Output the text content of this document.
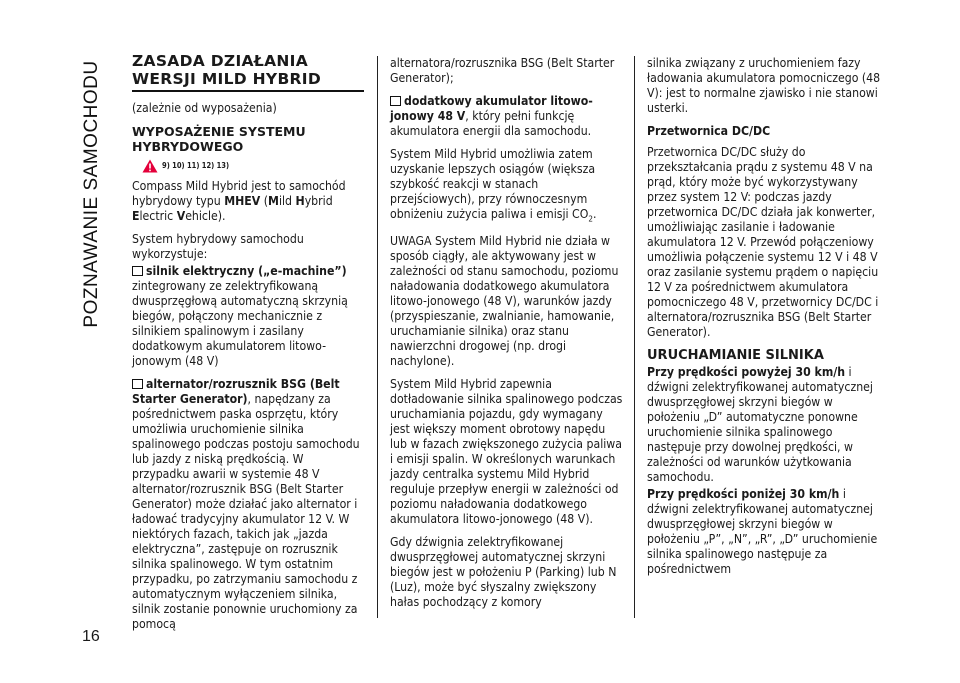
POZNAWANIE SAMOCHODU ZASADA DZIAŁANIA
WERSJI MILD HYBRID

(zależnie od wyposażenia)

WYPOSAŻENIE SYSTEMU
HYBRYDOWEGO
9) 10) 11) 12) 13)

Compass Mild Hybrid jest to samochód hybrydowy typu MHEV (Mild Hybrid Electric Vehicle).

System hybrydowy samochodu wykorzystuje:

silnik elektryczny („e-machine”)
zintegrowany ze zelektryfikowaną dwusprzęgłową automatyczną skrzynią biegów, połączony mechanicznie z silnikiem spalinowym i zasilany dodatkowym akumulatorem litowo-jonowym (48 V)

alternator/rozrusznik BSG (Belt Starter Generator), napędzany za pośrednictwem paska osprzętu, który umożliwia uruchomienie silnika spalinowego podczas postoju samochodu lub jazdy z niską prędkością. W przypadku awarii w systemie 48 V alternator/rozrusznik BSG (Belt Starter Generator) może działać jako alternator i ładować tradycyjny akumulator 12 V. W niektórych fazach, takich jak „jazda elektryczna”, zastępuje on rozrusznik silnika spalinowego. W tym ostatnim przypadku, po zatrzymaniu samochodu z automatycznym wyłączeniem silnika, silnik zostanie ponownie uruchomiony za pomocą

alternatora/rozrusznika BSG (Belt Starter Generator);

dodatkowy akumulator litowo-jonowy 48 V, który pełni funkcję akumulatora energii dla samochodu.

System Mild Hybrid umożliwia zatem uzyskanie lepszych osiągów (większa szybkość reakcji w stanach przejściowych), przy równoczesnym obniżeniu zużycia paliwa i emisji $CO_2$.

UWAGA System Mild Hybrid nie działa w sposób ciągły, ale aktywowany jest w zależności od stanu samochodu, poziomu naładowania dodatkowego akumulatora litowo-jonowego (48 V), warunków jazdy (przyspieszanie, zwalnianie, hamowanie, uruchamianie silnika) oraz stanu nawierzchni drogowej (np. drogi nachylone).

System Mild Hybrid zapewnia dotładowanie silnika spalinowego podczas uruchamiania pojazdu, gdy wymagany jest większy moment obrotowy napędu lub w fazach zwiększonego zużycia paliwa i emisji spalin. W określonych warunkach jazdy centralka systemu Mild Hybrid reguluje przepływ energii w zależności od poziomu naładowania dodatkowego akumulatora litowo-jonowego (48 V).

Gdy dźwignia zelektryfikowanej dwusprzęgłowej automatycznej skrzyni biegów jest w położeniu P (Parking) lub N (Luz), może być słyszalny zwiększony hałas pochodzący z komory

silnika związany z uruchomieniem fazy ładowania akumulatora pomocniczego (48 V): jest to normalne zjawisko i nie stanowi usterki.

Przetwornica DC/DC

Przetwornica DC/DC służy do przekształcania prądu z systemu 48 V na prąd, który może być wykorzystywany przez system 12 V: podczas jazdy przetwornica DC/DC działa jak konwerter, umożliwiając zasilanie i ładowanie akumulatora 12 V. Przewód połączeniowy umożliwia połączenie systemu 12 V i 48 V oraz zasilanie systemu prądem o napięciu 12 V za pośrednictwem akumulatora pomocniczego 48 V, przetwornicy DC/DC i alternatora/rozrusznika BSG (Belt Starter Generator).

URUCHAMIANIE SILNIKA

Przy prędkości powyżej 30 km/h i dźwigni zelektryfikowanej automatycznej dwusprzęgłowej skrzyni biegów w położeniu „D” automatyczne ponowne uruchomienie silnika spalinowego następuje przy dowolnej prędkości, w zależności od warunków użytkowania samochodu.

Przy prędkości poniżej 30 km/h i dźwigni zelektryfikowanej automatycznej dwusprzęgłowej skrzyni biegów w położeniu „P”, „N”, „R”, „D” uruchomienie silnika spalinowego następuje za pośrednictwem

16
